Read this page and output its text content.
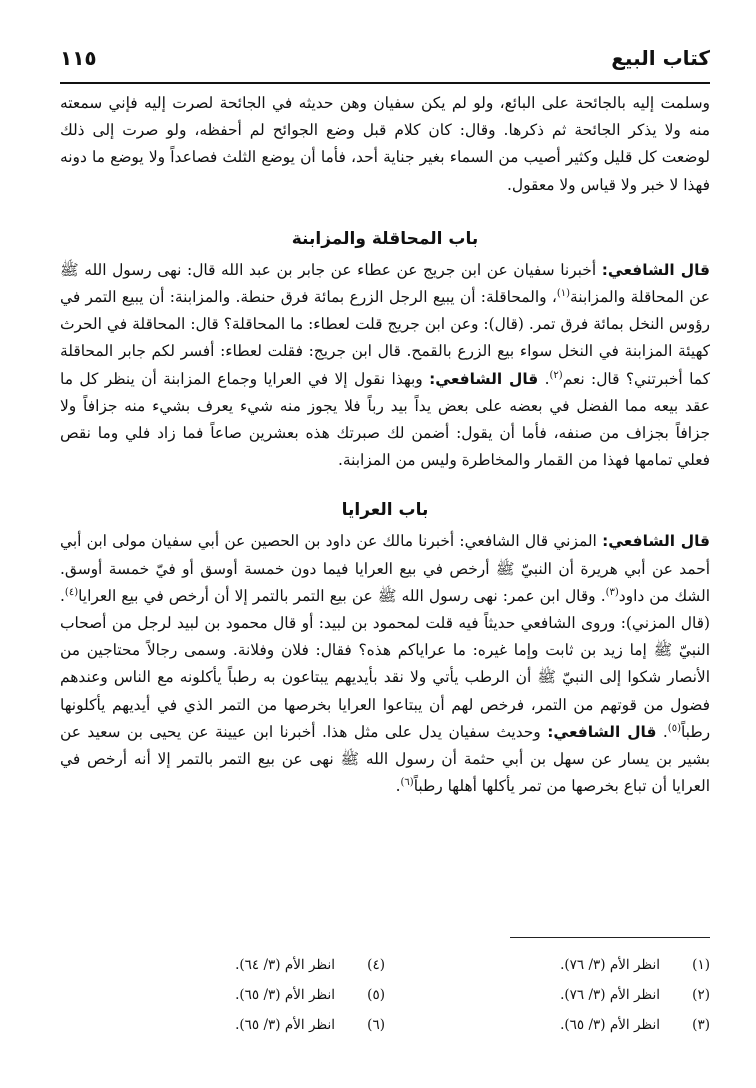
كتاب البيع
١١٥

وسلمت إليه بالجائحة على البائع، ولو لم يكن سفيان وهن حديثه في الجائحة لصرت إليه فإني سمعته منه ولا يذكر الجائحة ثم ذكرها. وقال: كان كلام قبل وضع الجوائح لم أحفظه، ولو صرت إلى ذلك لوضعت كل قليل وكثير أصيب من السماء بغير جناية أحد، فأما أن يوضع الثلث فصاعداً ولا يوضع ما دونه فهذا لا خبر ولا قياس ولا معقول.

باب المحاقلة والمزابنة

قال الشافعي: أخبرنا سفيان عن ابن جريج عن عطاء عن جابر بن عبد الله قال: نهى رسول الله ﷺ عن المحاقلة والمزابنة$^{(١)}$، والمحاقلة: أن يبيع الرجل الزرع بمائة فرق حنطة. والمزابنة: أن يبيع التمر في رؤوس النخل بمائة فرق تمر. (قال): وعن ابن جريج قلت لعطاء: ما المحاقلة؟ قال: المحاقلة في الحرث كهيئة المزابنة في النخل سواء بيع الزرع بالقمح. قال ابن جريج: فقلت لعطاء: أفسر لكم جابر المحاقلة كما أخبرتني؟ قال: نعم$^{(٢)}$. قال الشافعي: وبهذا نقول إلا في العرايا وجماع المزابنة أن ينظر كل ما عقد بيعه مما الفضل في بعضه على بعض يداً بيد رباً فلا يجوز منه شيء يعرف بشيء منه جزافاً ولا جزافاً بجزاف من صنفه، فأما أن يقول: أضمن لك صبرتك هذه بعشرين صاعاً فما زاد فلي وما نقص فعلي تمامها فهذا من القمار والمخاطرة وليس من المزابنة.

باب العرايا

قال الشافعي: المزني قال الشافعي: أخبرنا مالك عن داود بن الحصين عن أبي سفيان مولى ابن أبي أحمد عن أبي هريرة أن النبيّ ﷺ أرخص في بيع العرايا فيما دون خمسة أوسق أو فيّ خمسة أوسق. الشك من داود$^{(٣)}$. وقال ابن عمر: نهى رسول الله ﷺ عن بيع التمر بالتمر إلا أن أرخص في بيع العرايا$^{(٤)}$. (قال المزني): وروى الشافعي حديثاً فيه قلت لمحمود بن لبيد: أو قال محمود بن لبيد لرجل من أصحاب النبيّ ﷺ إما زيد بن ثابت وإما غيره: ما عراياكم هذه؟ فقال: فلان وفلانة. وسمى رجالاً محتاجين من الأنصار شكوا إلى النبيّ ﷺ أن الرطب يأتي ولا نقد بأيديهم يبتاعون به رطباً يأكلونه مع الناس وعندهم فضول من قوتهم من التمر، فرخص لهم أن يبتاعوا العرايا بخرصها من التمر الذي في أيديهم يأكلونها رطباً$^{(٥)}$. قال الشافعي: وحديث سفيان يدل على مثل هذا. أخبرنا ابن عيينة عن يحيى بن سعيد عن بشير بن يسار عن سهل بن أبي حثمة أن رسول الله ﷺ نهى عن بيع التمر بالتمر إلا أنه أرخص في العرايا أن تباع بخرصها من تمر يأكلها أهلها رطباً$^{(٦)}$.

(١)
انظر الأم (٣/ ٧٦).
(٢)
انظر الأم (٣/ ٧٦).
(٣)
انظر الأم (٣/ ٦٥).
(٤)
انظر الأم (٣/ ٦٤).
(٥)
انظر الأم (٣/ ٦٥).
(٦)
انظر الأم (٣/ ٦٥).
